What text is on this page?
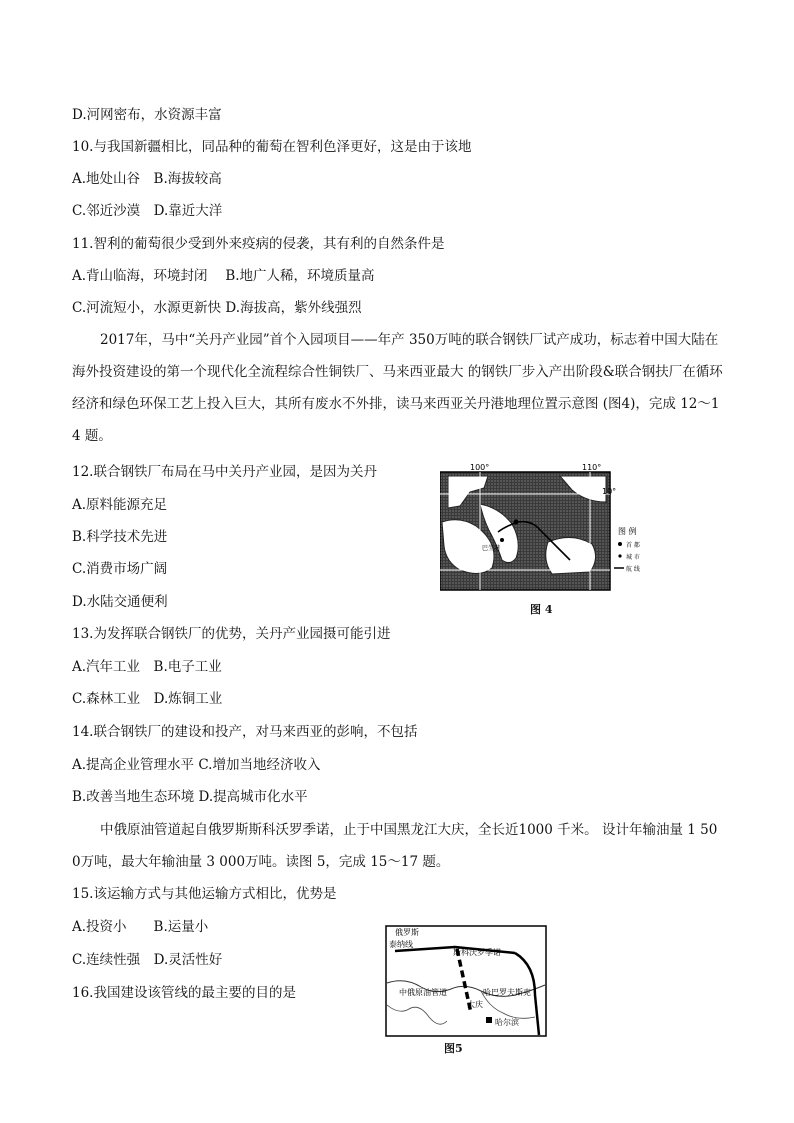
D.河网密布，水资源丰富
10.与我国新疆相比，同品种的葡萄在智利色泽更好，这是由于该地
A.地处山谷　B.海拔较高
C.邻近沙漠　D.靠近大洋
11.智利的葡萄很少受到外来疫病的侵袭，其有利的自然条件是
A.背山临海，环境封闭　 B.地广人稀，环境质量高
C.河流短小，水源更新快 D.海拔高，紫外线强烈
2017年，马中“关丹产业园”首个入园项目——年产 350万吨的联合钢铁厂试产成功，标志着中国大陆在海外投资建设的第一个现代化全流程综合性铜铁厂、马来西亚最大 的钢铁厂步入产出阶段&联合钢扶厂在循环经济和绿色环保工艺上投入巨大，其所有废水不外排，读马来西亚关丹港地理位置示意图 (图4)，完成 12～14 题。
12.联合钢铁厂布局在马中关丹产业园，是因为关丹
A.原料能源充足
B.科学技术先进
C.消费市场广阔
D.水陆交通便利
13.为发挥联合钢铁厂的优势，关丹产业园摄可能引进
A.汽年工业　B.电子工业
C.森林工业　D.炼铜工业
14.联合钢铁厂的建设和投产，对马来西亚的彭响，不包括
A.提高企业管理水平 C.增加当地经济收入
B.改善当地生态环境 D.提高城市化水平
中俄原油管道起自俄罗斯斯科沃罗季诺，止于中国黑龙江大庆，全长近1000 千米。 设计年输油量 1 500万吨，最大年输油量 3 000万吨。读图 5，完成 15～17 题。
15.该运输方式与其他运输方式相比，优势是
A.投资小　　B.运量小
C.连续性强　D.灵活性好
16.我国建设该管线的最主要的目的是
100°	110°
10°
巴生港
图 例
首 都
城 市
航 线
图 4
俄罗斯
泰纳线
斯科沃罗季诺
中俄原油管道	哈巴罗夫斯克
大庆
哈尔滨
图5
